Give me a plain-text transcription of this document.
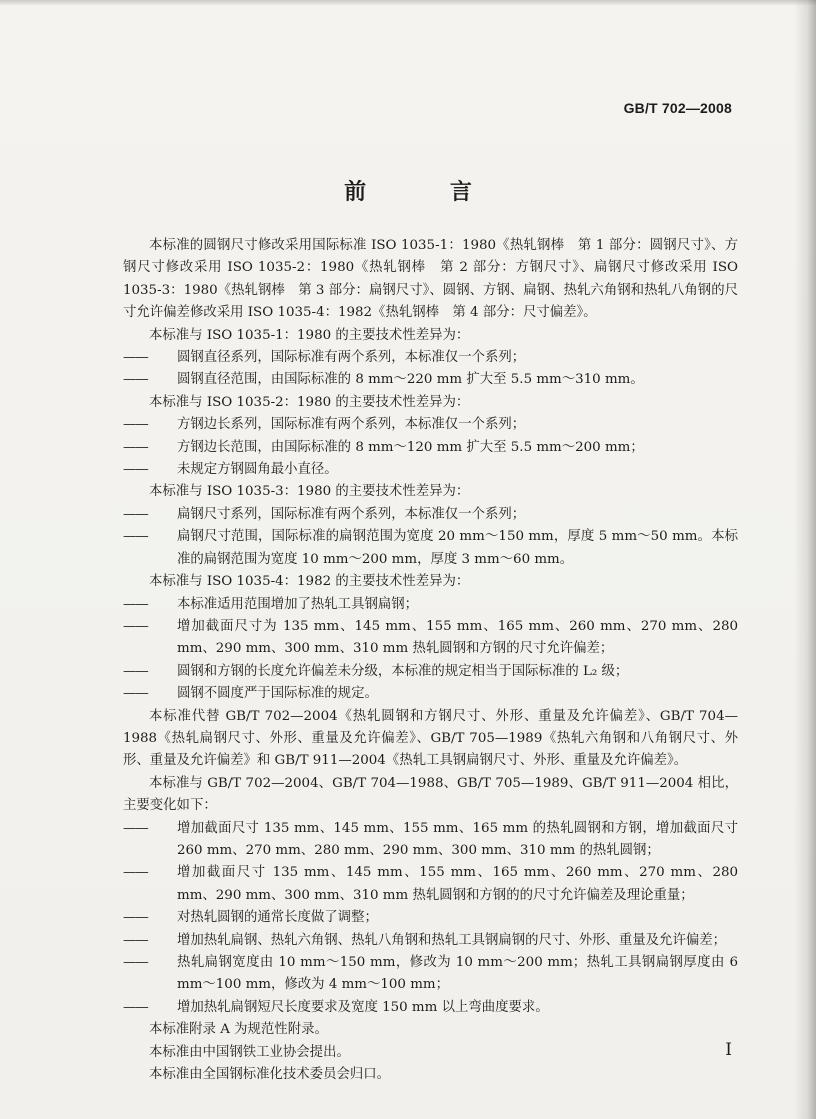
GB/T 702—2008
前 言

本标准的圆钢尺寸修改采用国际标准 ISO 1035-1：1980《热轧钢棒　第 1 部分：圆钢尺寸》、方钢尺寸修改采用 ISO 1035-2：1980《热轧钢棒　第 2 部分：方钢尺寸》、扁钢尺寸修改采用 ISO 1035-3：1980《热轧钢棒　第 3 部分：扁钢尺寸》、圆钢、方钢、扁钢、热轧六角钢和热轧八角钢的尺寸允许偏差修改采用 ISO 1035-4：1982《热轧钢棒　第 4 部分：尺寸偏差》。

本标准与 ISO 1035-1：1980 的主要技术性差异为：

——	圆钢直径系列，国际标准有两个系列，本标准仅一个系列；
——	圆钢直径范围，由国际标准的 8 mm～220 mm 扩大至 5.5 mm～310 mm。

本标准与 ISO 1035-2：1980 的主要技术性差异为：

——	方钢边长系列，国际标准有两个系列，本标准仅一个系列；
——	方钢边长范围，由国际标准的 8 mm～120 mm 扩大至 5.5 mm～200 mm；
——	未规定方钢圆角最小直径。

本标准与 ISO 1035-3：1980 的主要技术性差异为：

——	扁钢尺寸系列，国际标准有两个系列，本标准仅一个系列；
——	扁钢尺寸范围，国际标准的扁钢范围为宽度 20 mm～150 mm，厚度 5 mm～50 mm。本标准的扁钢范围为宽度 10 mm～200 mm，厚度 3 mm～60 mm。

本标准与 ISO 1035-4：1982 的主要技术性差异为：

——	本标准适用范围增加了热轧工具钢扁钢；
——	增加截面尺寸为 135 mm、145 mm、155 mm、165 mm、260 mm、270 mm、280 mm、290 mm、300 mm、310 mm 热轧圆钢和方钢的尺寸允许偏差；
——	圆钢和方钢的长度允许偏差未分级，本标准的规定相当于国际标准的 L₂ 级；
——	圆钢不圆度严于国际标准的规定。

本标准代替 GB/T 702—2004《热轧圆钢和方钢尺寸、外形、重量及允许偏差》、GB/T 704—1988《热轧扁钢尺寸、外形、重量及允许偏差》、GB/T 705—1989《热轧六角钢和八角钢尺寸、外形、重量及允许偏差》和 GB/T 911—2004《热轧工具钢扁钢尺寸、外形、重量及允许偏差》。

本标准与 GB/T 702—2004、GB/T 704—1988、GB/T 705—1989、GB/T 911—2004 相比，主要变化如下：

——	增加截面尺寸 135 mm、145 mm、155 mm、165 mm 的热轧圆钢和方钢，增加截面尺寸 260 mm、270 mm、280 mm、290 mm、300 mm、310 mm 的热轧圆钢；
——	增加截面尺寸 135 mm、145 mm、155 mm、165 mm、260 mm、270 mm、280 mm、290 mm、300 mm、310 mm 热轧圆钢和方钢的的尺寸允许偏差及理论重量；
——	对热轧圆钢的通常长度做了调整；
——	增加热轧扁钢、热轧六角钢、热轧八角钢和热轧工具钢扁钢的尺寸、外形、重量及允许偏差；
——	热轧扁钢宽度由 10 mm～150 mm，修改为 10 mm～200 mm；热轧工具钢扁钢厚度由 6 mm～100 mm，修改为 4 mm～100 mm；
——	增加热轧扁钢短尺长度要求及宽度 150 mm 以上弯曲度要求。

本标准附录 A 为规范性附录。

本标准由中国钢铁工业协会提出。

本标准由全国钢标准化技术委员会归口。

I
